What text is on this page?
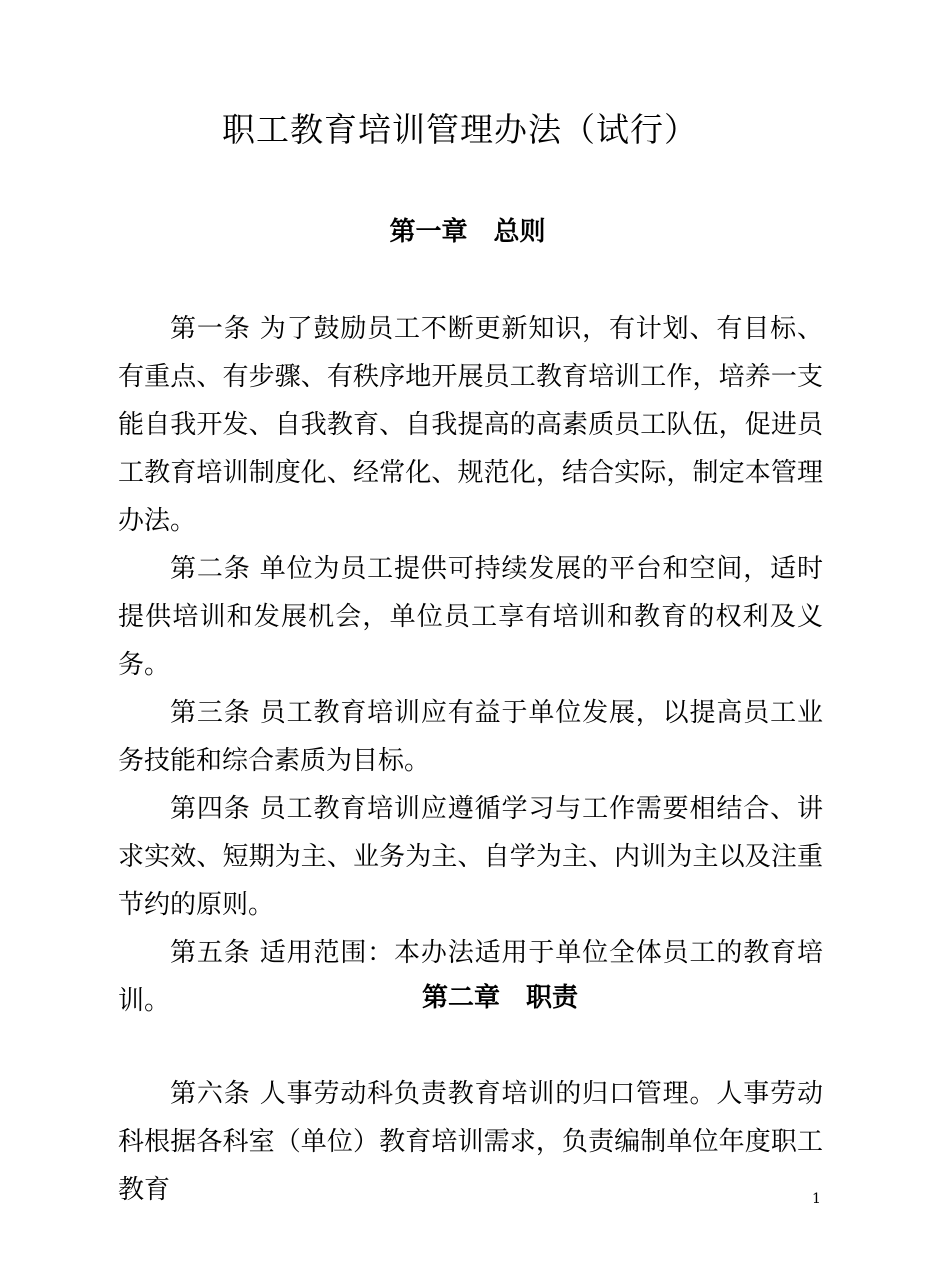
职工教育培训管理办法（试行）
第一章　总则

第一条 为了鼓励员工不断更新知识，有计划、有目标、有重点、有步骤、有秩序地开展员工教育培训工作，培养一支能自我开发、自我教育、自我提高的高素质员工队伍，促进员工教育培训制度化、经常化、规范化，结合实际，制定本管理办法。

第二条 单位为员工提供可持续发展的平台和空间，适时提供培训和发展机会，单位员工享有培训和教育的权利及义务。

第三条 员工教育培训应有益于单位发展，以提高员工业务技能和综合素质为目标。

第四条 员工教育培训应遵循学习与工作需要相结合、讲求实效、短期为主、业务为主、自学为主、内训为主以及注重节约的原则。

第五条 适用范围：本办法适用于单位全体员工的教育培训。	第二章　职责

第六条 人事劳动科负责教育培训的归口管理。人事劳动科根据各科室（单位）教育培训需求，负责编制单位年度职工教育	1
